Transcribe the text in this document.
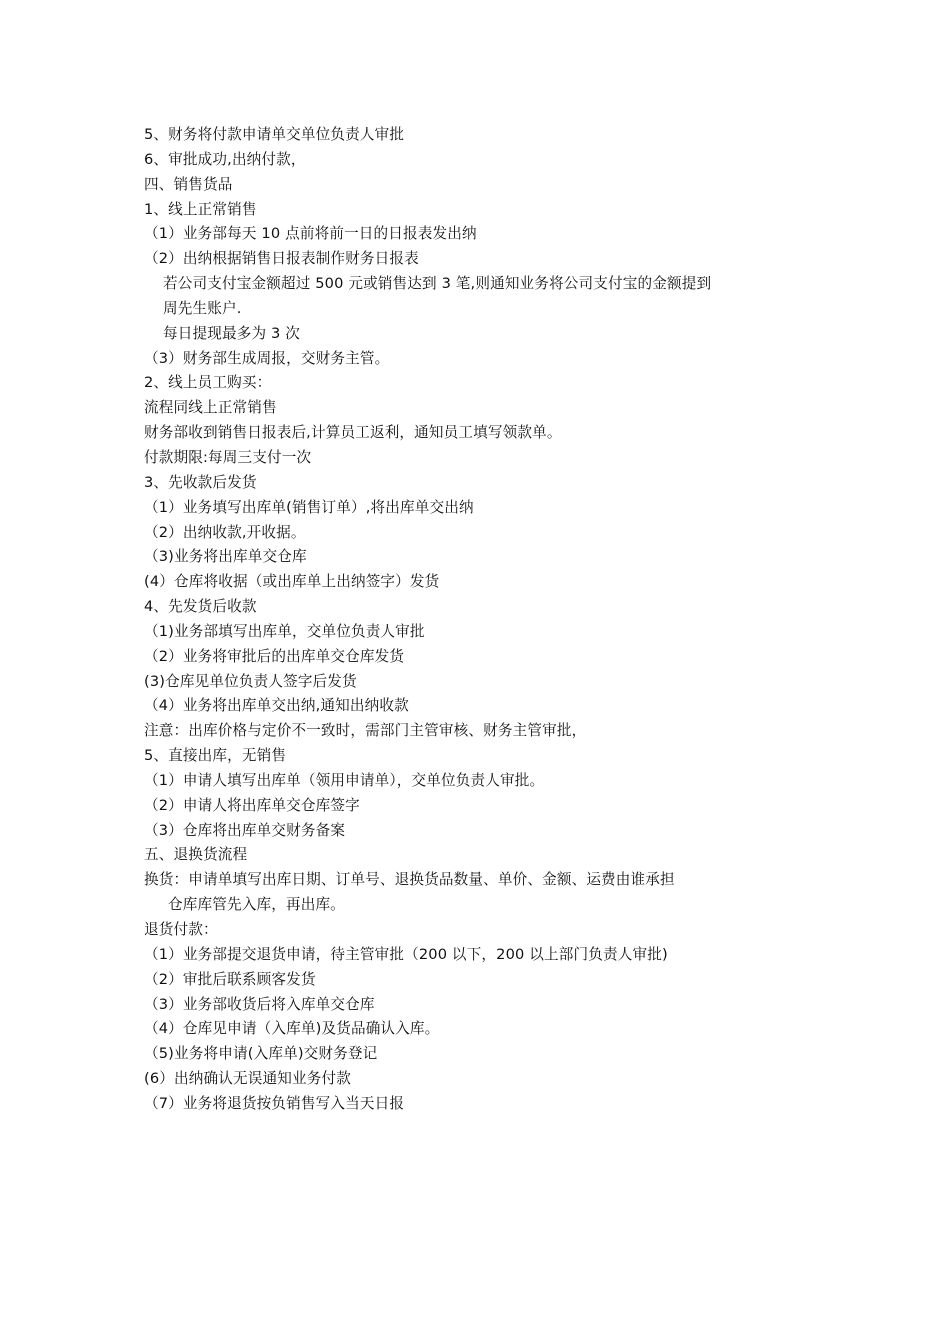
5、财务将付款申请单交单位负责人审批
6、审批成功,出纳付款，
四、销售货品
1、线上正常销售
（1）业务部每天 10 点前将前一日的日报表发出纳
（2）出纳根据销售日报表制作财务日报表
若公司支付宝金额超过 500 元或销售达到 3 笔,则通知业务将公司支付宝的金额提到
周先生账户.
每日提现最多为 3 次
（3）财务部生成周报，交财务主管。
2、线上员工购买：
流程同线上正常销售
财务部收到销售日报表后,计算员工返利，通知员工填写领款单。
付款期限:每周三支付一次
3、先收款后发货
（1）业务填写出库单(销售订单）,将出库单交出纳
（2）出纳收款,开收据。
（3)业务将出库单交仓库
(4）仓库将收据（或出库单上出纳签字）发货
4、先发货后收款
（1)业务部填写出库单，交单位负责人审批
（2）业务将审批后的出库单交仓库发货
(3)仓库见单位负责人签字后发货
（4）业务将出库单交出纳,通知出纳收款
注意：出库价格与定价不一致时，需部门主管审核、财务主管审批，
5、直接出库，无销售
（1）申请人填写出库单（领用申请单），交单位负责人审批。
（2）申请人将出库单交仓库签字
（3）仓库将出库单交财务备案
五、退换货流程
换货：申请单填写出库日期、订单号、退换货品数量、单价、金额、运费由谁承担
仓库库管先入库，再出库。
退货付款：
（1）业务部提交退货申请，待主管审批（200 以下，200 以上部门负责人审批)
（2）审批后联系顾客发货
（3）业务部收货后将入库单交仓库
（4）仓库见申请（入库单)及货品确认入库。
（5)业务将申请(入库单)交财务登记
(6）出纳确认无误通知业务付款
（7）业务将退货按负销售写入当天日报
